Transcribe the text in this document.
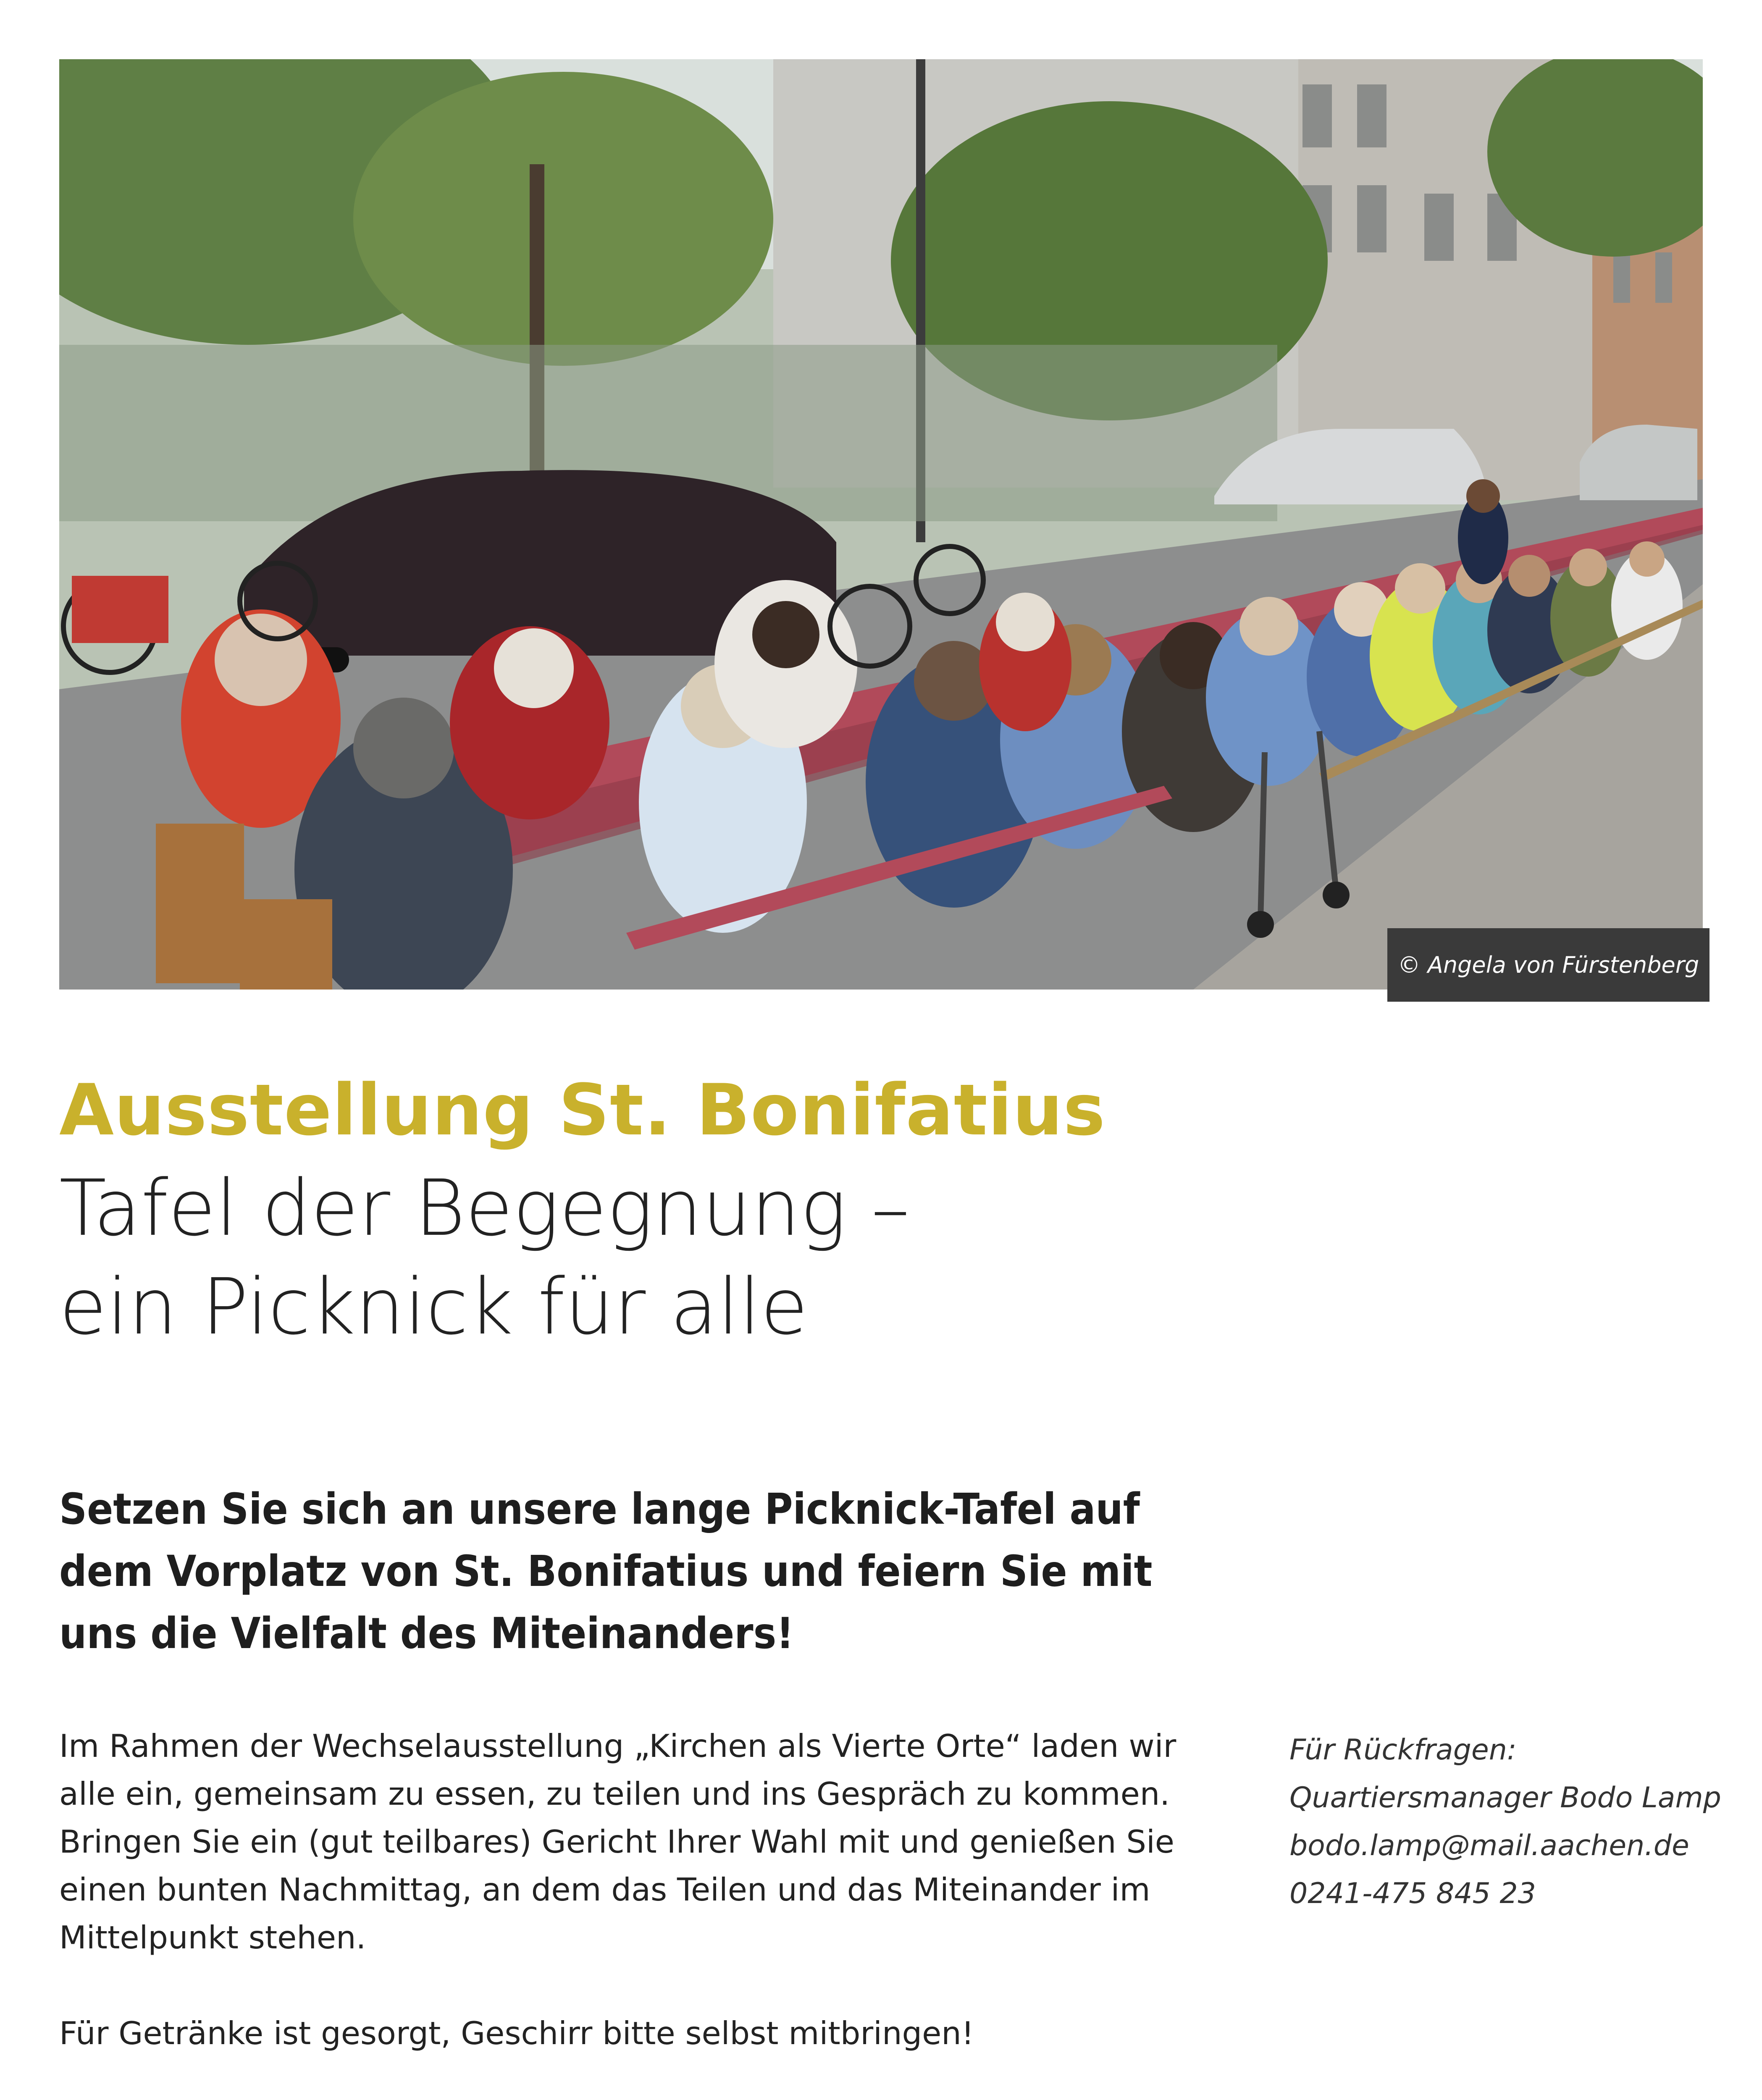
© Angela von Fürstenberg
Ausstellung St. Bonifatius
Tafel der Begegnung –
ein Picknick für alle
Setzen Sie sich an unsere lange Picknick-Tafel auf
dem Vorplatz von St. Bonifatius und feiern Sie mit
uns die Vielfalt des Miteinanders!
Im Rahmen der Wechselausstellung „Kirchen als Vierte Orte“ laden wir
alle ein, gemeinsam zu essen, zu teilen und ins Gespräch zu kommen.
Bringen Sie ein (gut teilbares) Gericht Ihrer Wahl mit und genießen Sie
einen bunten Nachmittag, an dem das Teilen und das Miteinander im
Mittelpunkt stehen.
Für Getränke ist gesorgt, Geschirr bitte selbst mitbringen!
Für Rückfragen:
Quartiersmanager Bodo Lamp
bodo.lamp@mail.aachen.de
0241-475 845 23
